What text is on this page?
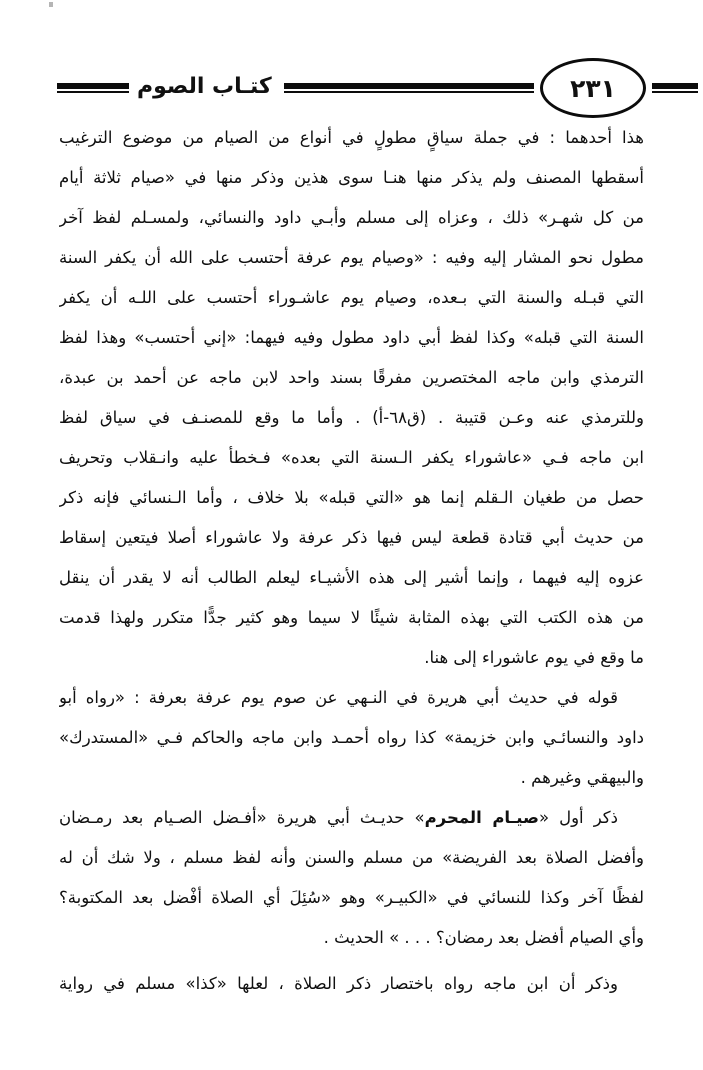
كتـاب الصوم	٢٣١
هذا أحدهما : في جملة سياقٍ مطولٍ في أنواع من الصيام من موضوع الترغيب
أسقطها المصنف ولم يذكر منها هنـا سوى هذين وذكر منها في «صيام ثلاثة أيام
من كل شهـر» ذلك ، وعزاه إلى مسلم وأبـي داود والنسائي، ولمسـلم لفظ آخر
مطول نحو المشار إليه وفيه : «وصيام يوم عرفة أحتسب على الله أن يكفر السنة
التي قبـله والسنة التي بـعده، وصيام يوم عاشـوراء أحتسب على اللـه أن يكفر
السنة التي قبله» وكذا لفظ أبي داود مطول وفيه فيهما: «إني أحتسب» وهذا لفظ
الترمذي وابن ماجه المختصرين مفرقًا بسند واحد لابن ماجه عن أحمد بن عبدة،
وللترمذي عنه وعـن قتيبة . (ق٦٨-أ) . وأما ما وقع للمصنـف في سياق لفظ
ابن ماجه فـي «عاشوراء يكفر الـسنة التي بعده» فـخطأ عليه وانـقلاب وتحريف
حصل من طغيان الـقلم إنما هو «التي قبله» بلا خلاف ، وأما الـنسائي فإنه ذكر
من حديث أبي قتادة قطعة ليس فيها ذكر عرفة ولا عاشوراء أصلا فيتعين إسقاط
عزوه إليه فيهما ، وإنما أشير إلى هذه الأشيـاء ليعلم الطالب أنه لا يقدر أن ينقل
من هذه الكتب التي بهذه المثابة شيئًا لا سيما وهو كثير جدًّا متكرر ولهذا قدمت
ما وقع في يوم عاشوراء إلى هنا.
قوله في حديث أبي هريرة في النـهي عن صوم يوم عرفة بعرفة : «رواه أبو
داود والنسائـي وابن خزيمة» كذا رواه أحمـد وابن ماجه والحاكم فـي «المستدرك»
والبيهقي وغيرهم .
ذكر أول «صيـام المحرم» حديـث أبي هريرة «أفـضل الصـيام بعد رمـضان
وأفضل الصلاة بعد الفريضة» من مسلم والسنن وأنه لفظ مسلم ، ولا شك أن له
لفظًا آخر وكذا للنسائي في «الكبيـر» وهو «سُئِلَ أي الصلاة أفْضل بعد المكتوبة؟
وأي الصيام أفضل بعد رمضان؟ . . . » الحديث .
وذكر أن ابن ماجه رواه باختصار ذكر الصلاة ، لعلها «كذا» مسلم في رواية
